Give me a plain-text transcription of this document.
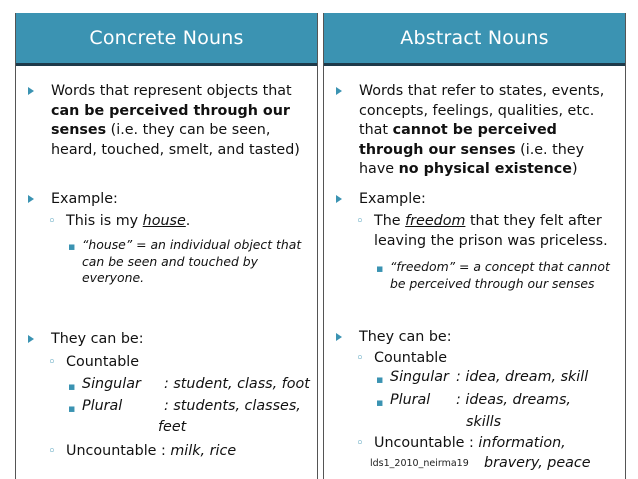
Concrete Nouns
Words that represent objects that can be perceived through our senses (i.e. they can be seen, heard, touched, smelt, and tasted)
Example:
◦ This is my house.
▪ “house” = an individual object that can be seen and touched by everyone.
They can be:
◦ Countable
▪ Singular : student, class, foot
▪ Plural	: students, classes,
feet
◦ Uncountable : milk, rice
Abstract Nouns
Words that refer to states, events, concepts, feelings, qualities, etc. that cannot be perceived through our senses (i.e. they have no physical existence)
Example:
◦ The freedom that they felt after leaving the prison was priceless.
▪ “freedom” = a concept that cannot be perceived through our senses
They can be:
◦ Countable
▪ Singular : idea, dream, skill
▪ Plural : ideas, dreams,
skills
◦ Uncountable : information,
bravery, peace
lds1_2010_neirma19
